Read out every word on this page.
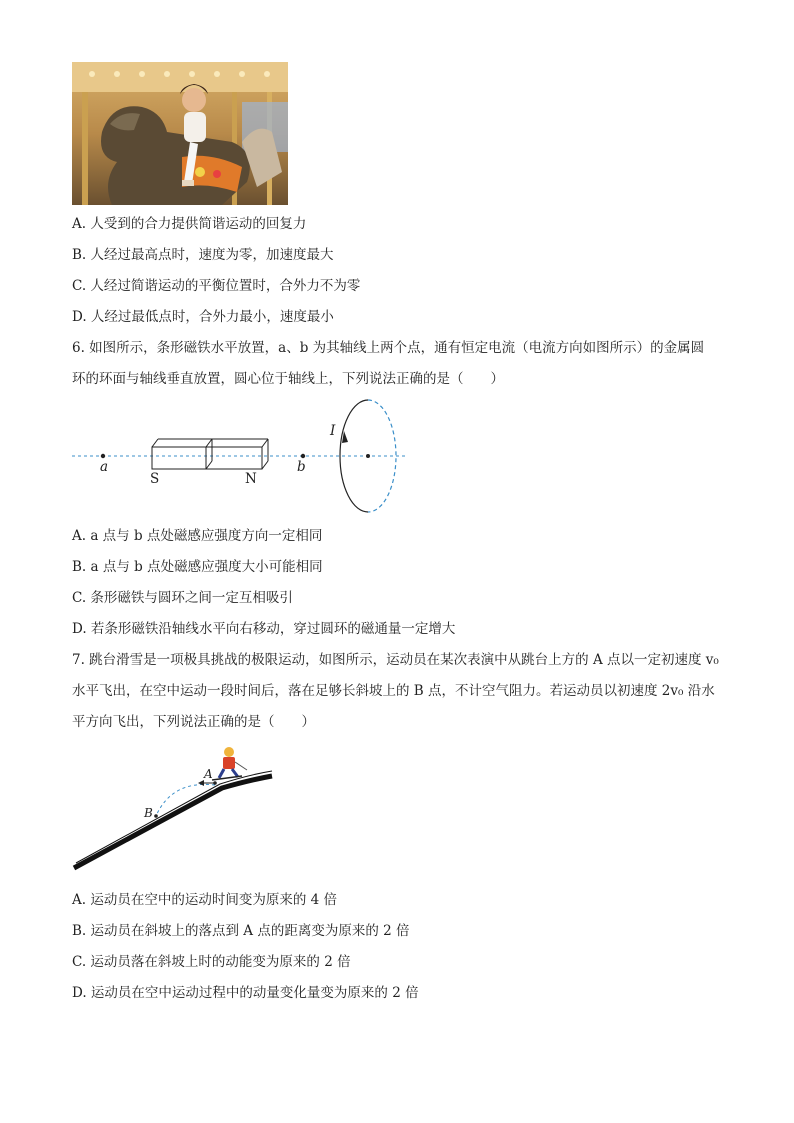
A. 人受到的合力提供简谐运动的回复力
B. 人经过最高点时，速度为零，加速度最大
C. 人经过简谐运动的平衡位置时，合外力不为零
D. 人经过最低点时，合外力最小，速度最小
6. 如图所示，条形磁铁水平放置，a、b 为其轴线上两个点，通有恒定电流（电流方向如图所示）的金属圆
环的环面与轴线垂直放置，圆心位于轴线上，下列说法正确的是（　　）
a	b
S	N
I
A. a 点与 b 点处磁感应强度方向一定相同
B. a 点与 b 点处磁感应强度大小可能相同
C. 条形磁铁与圆环之间一定互相吸引
D. 若条形磁铁沿轴线水平向右移动，穿过圆环的磁通量一定增大
7. 跳台滑雪是一项极具挑战的极限运动，如图所示，运动员在某次表演中从跳台上方的 A 点以一定初速度 v₀
水平飞出，在空中运动一段时间后，落在足够长斜坡上的 B 点，不计空气阻力。若运动员以初速度 2v₀ 沿水
平方向飞出，下列说法正确的是（　　）
A
B
A. 运动员在空中的运动时间变为原来的 4 倍
B. 运动员在斜坡上的落点到 A 点的距离变为原来的 2 倍
C. 运动员落在斜坡上时的动能变为原来的 2 倍
D. 运动员在空中运动过程中的动量变化量变为原来的 2 倍
